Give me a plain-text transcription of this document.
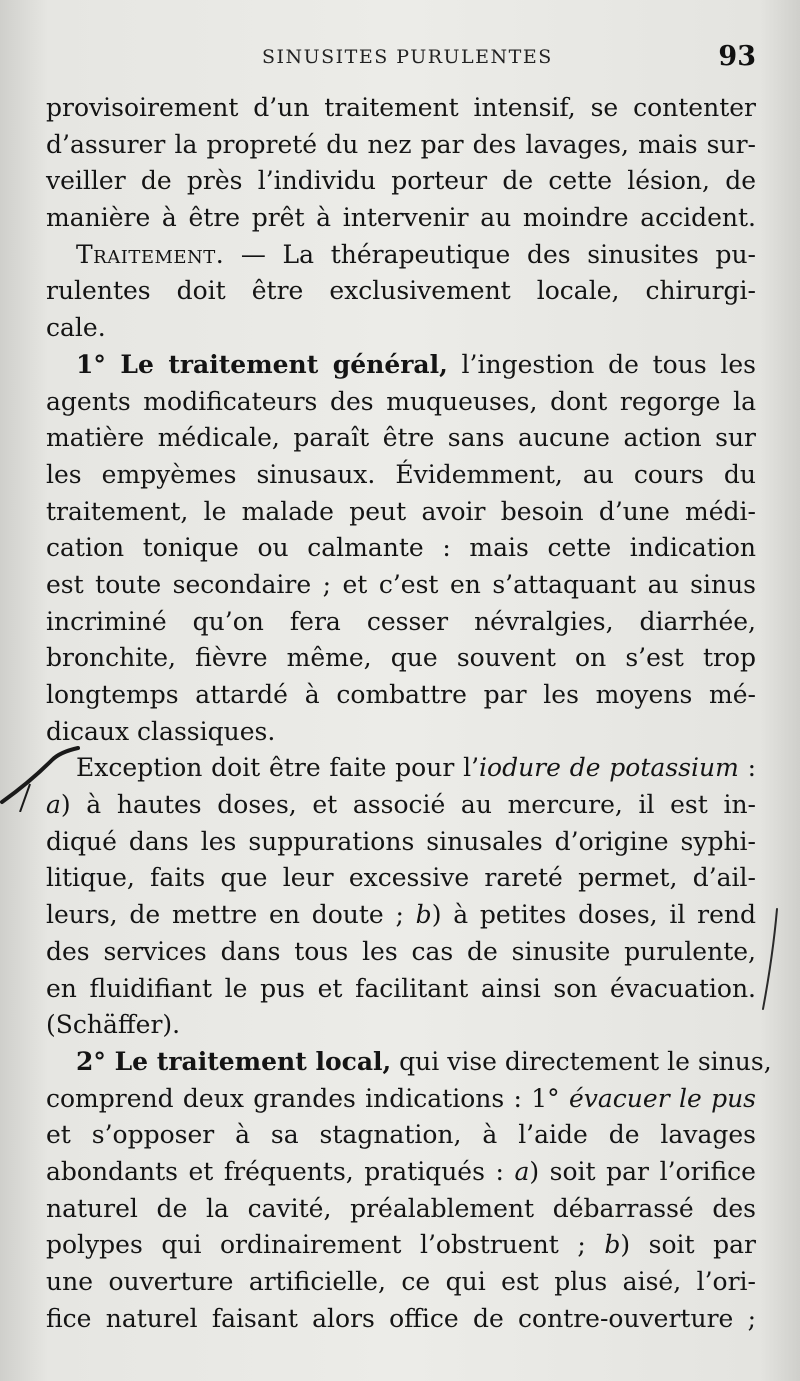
SINUSITES PURULENTES	93
provisoirement d’un traitement intensif, se contenter
d’assurer la propreté du nez par des lavages, mais sur-
veiller de près l’individu porteur de cette lésion, de
manière à être prêt à intervenir au moindre accident.
Traitement. — La thérapeutique des sinusites pu-
rulentes doit être exclusivement locale, chirurgi-
cale.
1° Le traitement général, l’ingestion de tous les
agents modificateurs des muqueuses, dont regorge la
matière médicale, paraît être sans aucune action sur
les empyèmes sinusaux. Évidemment, au cours du
traitement, le malade peut avoir besoin d’une médi-
cation tonique ou calmante : mais cette indication
est toute secondaire ; et c’est en s’attaquant au sinus
incriminé qu’on fera cesser névralgies, diarrhée,
bronchite, fièvre même, que souvent on s’est trop
longtemps attardé à combattre par les moyens mé-
dicaux classiques.
Exception doit être faite pour l’iodure de potassium :
a) à hautes doses, et associé au mercure, il est in-
diqué dans les suppurations sinusales d’origine syphi-
litique, faits que leur excessive rareté permet, d’ail-
leurs, de mettre en doute ; b) à petites doses, il rend
des services dans tous les cas de sinusite purulente,
en fluidifiant le pus et facilitant ainsi son évacuation.
(Schäffer).
2° Le traitement local, qui vise directement le sinus,
comprend deux grandes indications : 1° évacuer le pus
et s’opposer à sa stagnation, à l’aide de lavages
abondants et fréquents, pratiqués : a) soit par l’orifice
naturel de la cavité, préalablement débarrassé des
polypes qui ordinairement l’obstruent ; b) soit par
une ouverture artificielle, ce qui est plus aisé, l’ori-
fice naturel faisant alors office de contre-ouverture ;
